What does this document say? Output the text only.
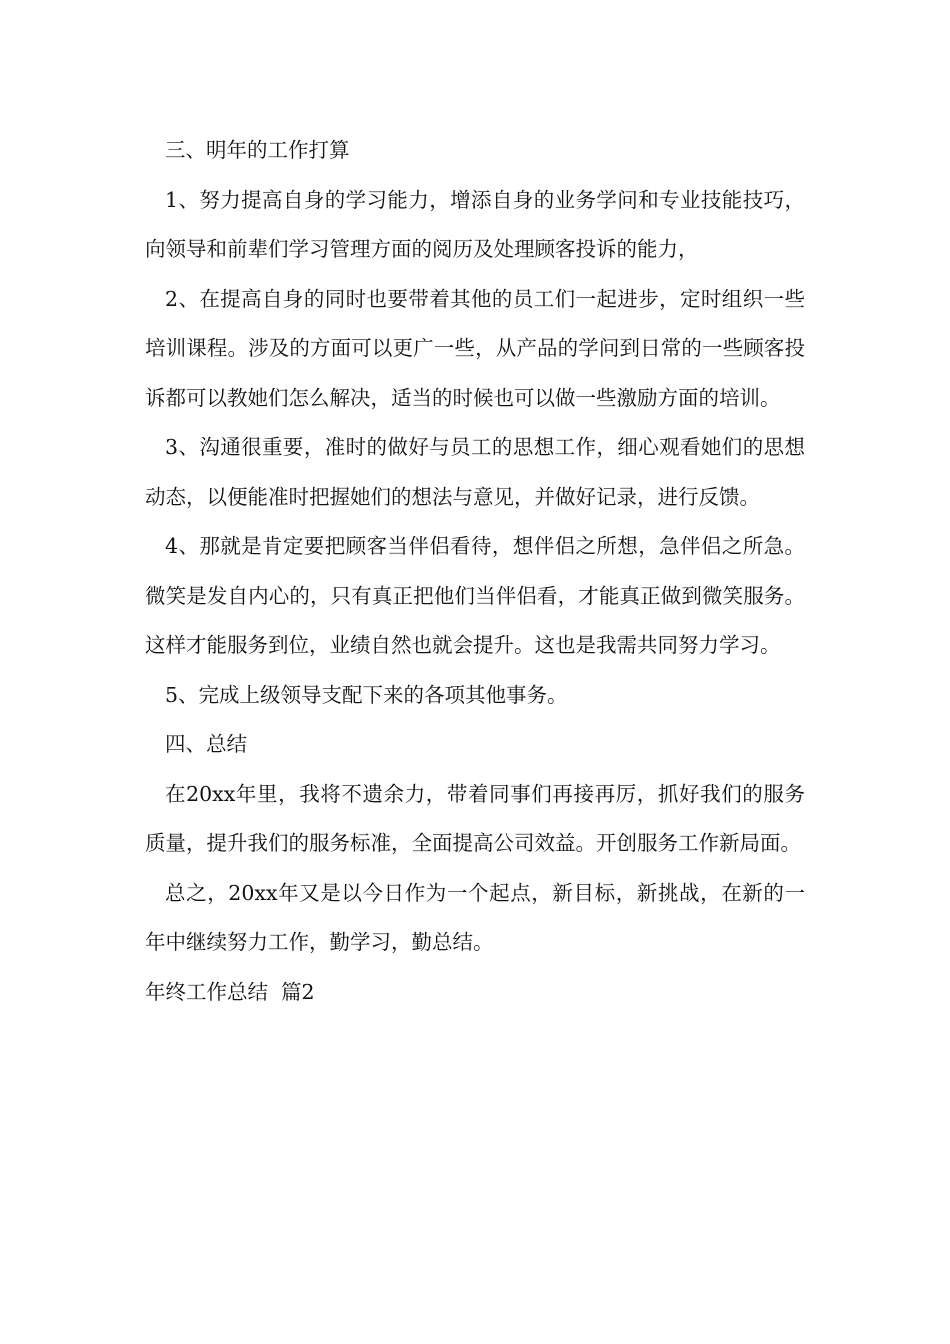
三、明年的工作打算

1、努力提高自身的学习能力，增添自身的业务学问和专业技能技巧，向领导和前辈们学习管理方面的阅历及处理顾客投诉的能力，

2、在提高自身的同时也要带着其他的员工们一起进步，定时组织一些培训课程。涉及的方面可以更广一些，从产品的学问到日常的一些顾客投诉都可以教她们怎么解决，适当的时候也可以做一些激励方面的培训。

3、沟通很重要，准时的做好与员工的思想工作，细心观看她们的思想动态，以便能准时把握她们的想法与意见，并做好记录，进行反馈。

4、那就是肯定要把顾客当伴侣看待，想伴侣之所想，急伴侣之所急。微笑是发自内心的，只有真正把他们当伴侣看，才能真正做到微笑服务。这样才能服务到位，业绩自然也就会提升。这也是我需共同努力学习。

5、完成上级领导支配下来的各项其他事务。

四、总结

在20xx年里，我将不遗余力，带着同事们再接再厉，抓好我们的服务质量，提升我们的服务标准，全面提高公司效益。开创服务工作新局面。

总之，20xx年又是以今日作为一个起点，新目标，新挑战，在新的一年中继续努力工作，勤学习，勤总结。

年终工作总结  篇2
